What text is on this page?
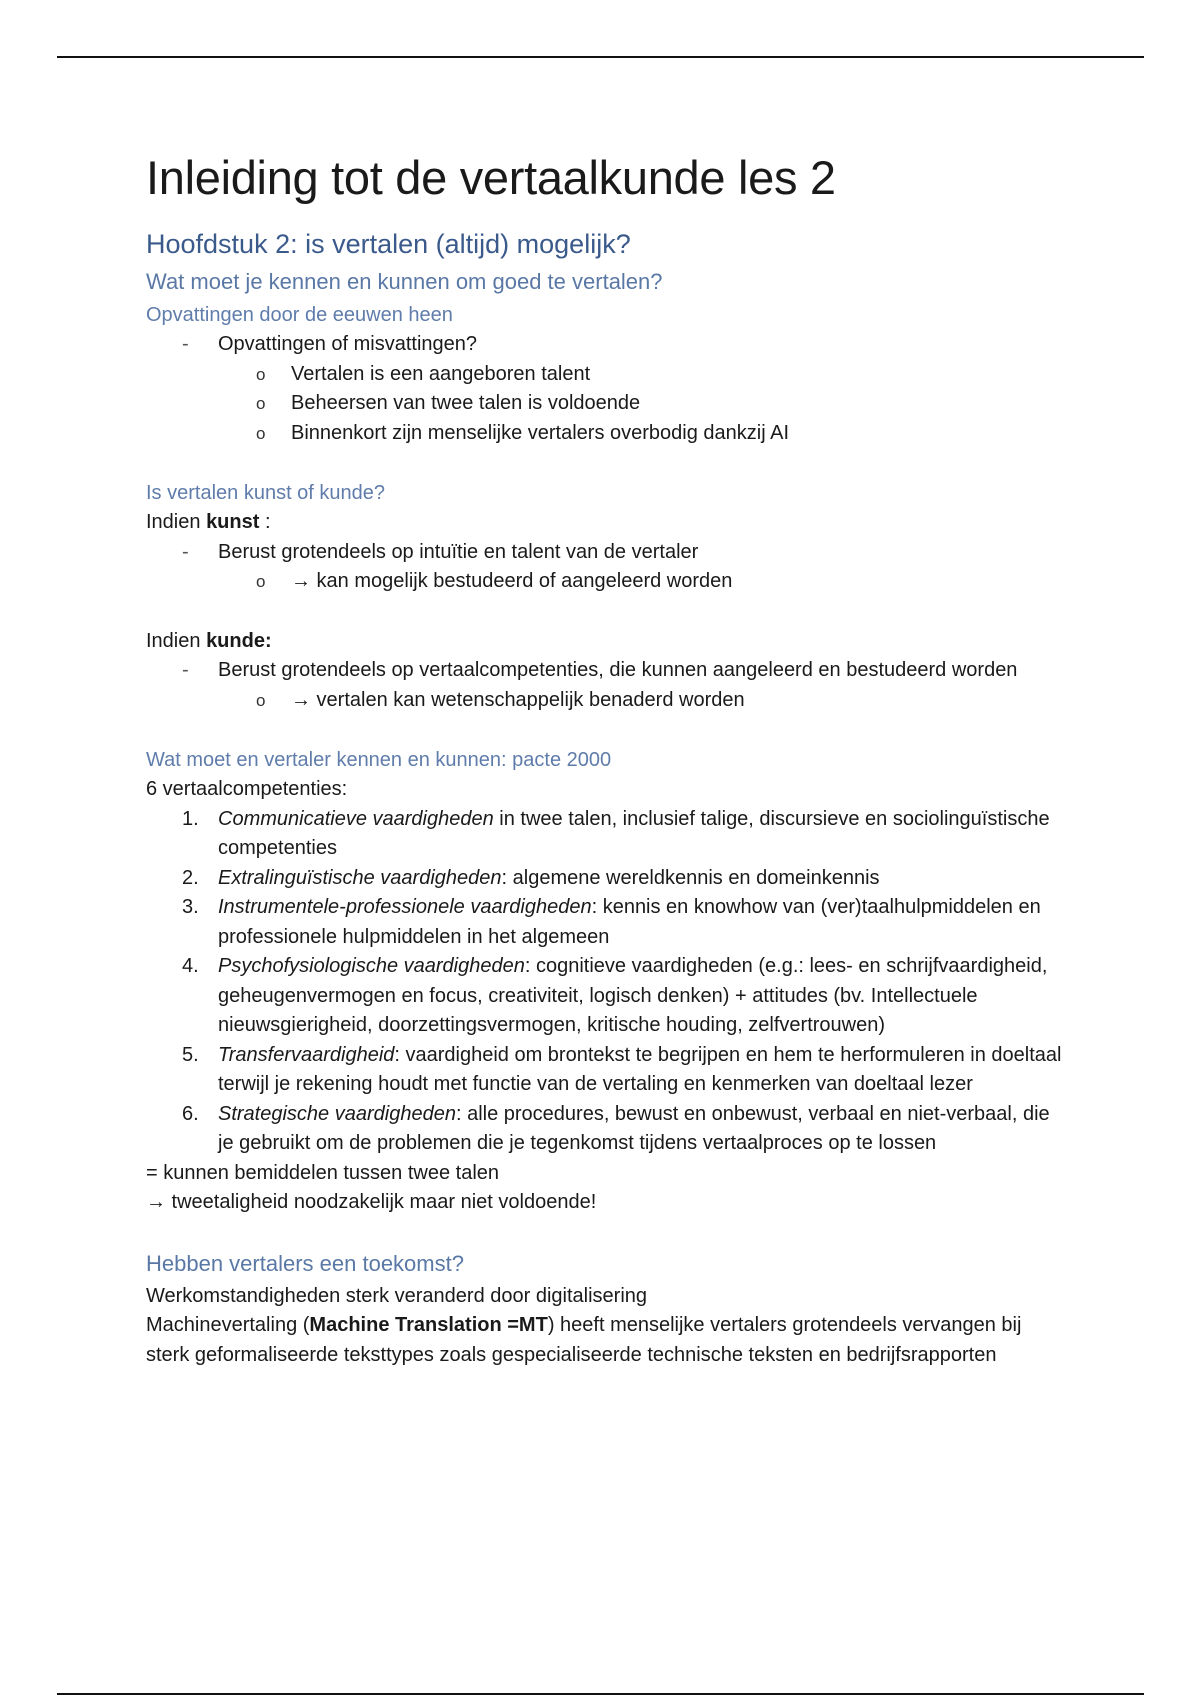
Inleiding tot de vertaalkunde les 2
Hoofdstuk 2: is vertalen (altijd) mogelijk?
Wat moet je kennen en kunnen om goed te vertalen?
Opvattingen door de eeuwen heen
- Opvattingen of misvattingen?
o Vertalen is een aangeboren talent
o Beheersen van twee talen is voldoende
o Binnenkort zijn menselijke vertalers overbodig dankzij AI
Is vertalen kunst of kunde?

Indien kunst :

- Berust grotendeels op intuïtie en talent van de vertaler
o → kan mogelijk bestudeerd of aangeleerd worden

Indien kunde:

- Berust grotendeels op vertaalcompetenties, die kunnen aangeleerd en bestudeerd worden
o → vertalen kan wetenschappelijk benaderd worden
Wat moet en vertaler kennen en kunnen: pacte 2000

6 vertaalcompetenties:

1. Communicatieve vaardigheden in twee talen, inclusief talige, discursieve en sociolinguïstische competenties
2. Extralinguïstische vaardigheden: algemene wereldkennis en domeinkennis
3. Instrumentele-professionele vaardigheden: kennis en knowhow van (ver)taalhulpmiddelen en professionele hulpmiddelen in het algemeen
4. Psychofysiologische vaardigheden: cognitieve vaardigheden (e.g.: lees- en schrijfvaardigheid, geheugenvermogen en focus, creativiteit, logisch denken) + attitudes (bv. Intellectuele nieuwsgierigheid, doorzettingsvermogen, kritische houding, zelfvertrouwen)
5. Transfervaardigheid: vaardigheid om brontekst te begrijpen en hem te herformuleren in doeltaal terwijl je rekening houdt met functie van de vertaling en kenmerken van doeltaal lezer
6. Strategische vaardigheden: alle procedures, bewust en onbewust, verbaal en niet-verbaal, die je gebruikt om de problemen die je tegenkomst tijdens vertaalproces op te lossen

= kunnen bemiddelen tussen twee talen

→ tweetaligheid noodzakelijk maar niet voldoende!

Hebben vertalers een toekomst?

Werkomstandigheden sterk veranderd door digitalisering

Machinevertaling (Machine Translation =MT) heeft menselijke vertalers grotendeels vervangen bij sterk geformaliseerde teksttypes zoals gespecialiseerde technische teksten en bedrijfsrapporten
